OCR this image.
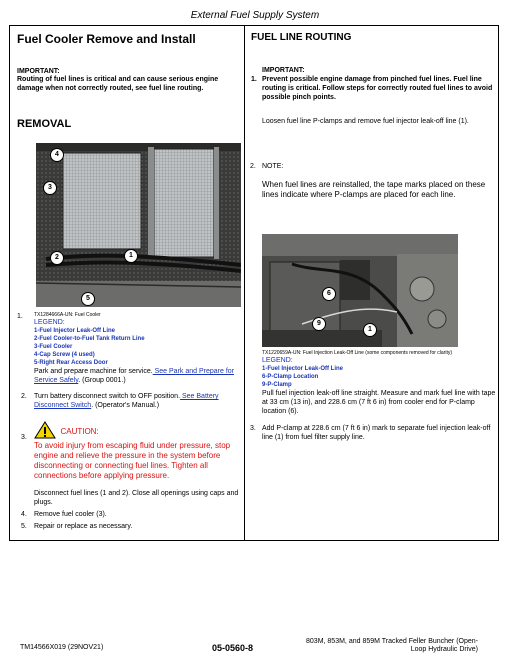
External Fuel Supply System
Fuel Cooler Remove and Install
IMPORTANT:
Routing of fuel lines is critical and can cause serious engine damage when not correctly routed, see fuel line routing.
REMOVAL
4
3
2	1
5
1. TX1284666A-UN: Fuel Cooler
LEGEND:
1-Fuel Injector Leak-Off Line
2-Fuel Cooler-to-Fuel Tank Return Line
3-Fuel Cooler
4-Cap Screw (4 used)
5-Right Rear Access Door
Park and prepare machine for service. See Park and Prepare for Service Safely. (Group 0001.)
2. Turn battery disconnect switch to OFF position. See Battery Disconnect Switch. (Operator's Manual.)
3.
CAUTION:
To avoid injury from escaping fluid under pressure, stop engine and relieve the pressure in the system before disconnecting or connecting fuel lines. Tighten all connections before applying pressure.
Disconnect fuel lines (1 and 2). Close all openings using caps and plugs.
4. Remove fuel cooler (3).
5. Repair or replace as necessary.
FUEL LINE ROUTING
IMPORTANT:
1. Prevent possible engine damage from pinched fuel lines. Fuel line routing is critical. Follow steps for correctly routed fuel lines to avoid possible pinch points.
Loosen fuel line P-clamps and remove fuel injector leak-off line (1).
2. NOTE:
When fuel lines are reinstalled, the tape marks placed on these lines indicate where P-clamps are placed for each line.
6
9
1
TX1220659A-UN: Fuel Injection Leak-Off Line (some components removed for clarity)
LEGEND:
1-Fuel Injector Leak-Off Line
6-P-Clamp Location
9-P-Clamp
Pull fuel injection leak-off line straight. Measure and mark fuel line with tape at 33 cm (13 in), and 228.6 cm (7 ft 6 in) from cooler end for P-clamp location (6).
3. Add P-clamp at 228.6 cm (7 ft 6 in) mark to separate fuel injection leak-off line (1) from fuel filter supply line.
TM14566X019 (29NOV21)	05-0560-8
803M, 853M, and 859M Tracked Feller Buncher (Open-Loop Hydraulic Drive)
